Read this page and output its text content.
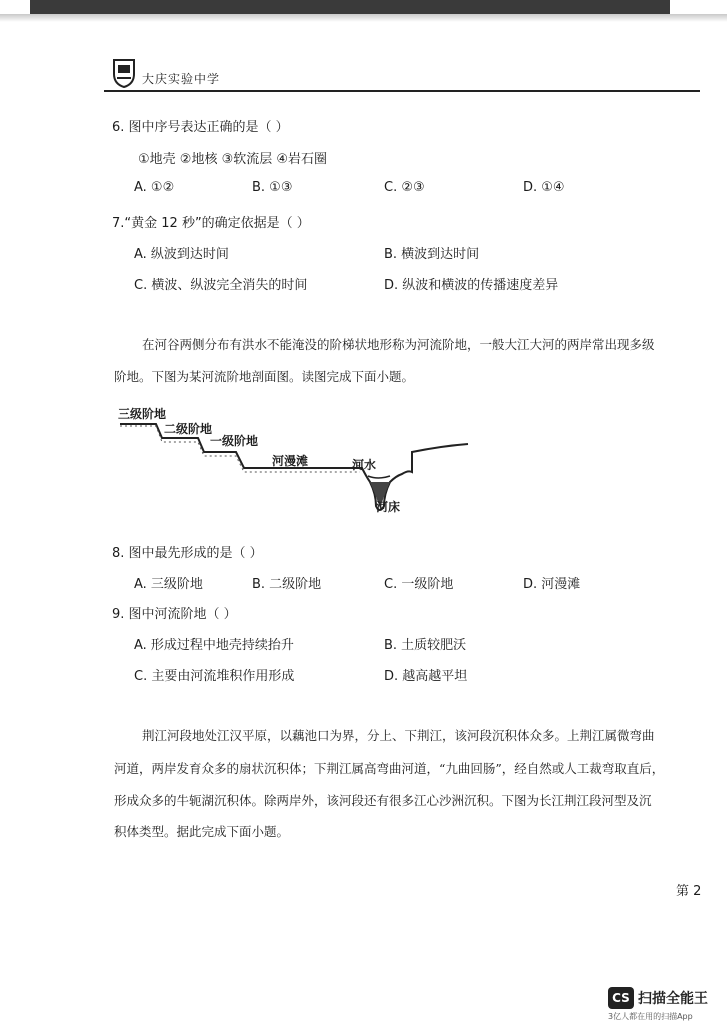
大庆实验中学
6. 图中序号表达正确的是（ ）
①地壳 ②地核 ③软流层 ④岩石圈
A. ①②	B. ①③	C. ②③	D. ①④
7.“黄金 12 秒”的确定依据是（ ）
A. 纵波到达时间	B. 横波到达时间
C. 横波、纵波完全消失的时间	D. 纵波和横波的传播速度差异
在河谷两侧分布有洪水不能淹没的阶梯状地形称为河流阶地，一般大江大河的两岸常出现多级
阶地。下图为某河流阶地剖面图。读图完成下面小题。
三级阶地
二级阶地
一级阶地
河漫滩	河水
河床
8. 图中最先形成的是（ ）
A. 三级阶地	B. 二级阶地	C. 一级阶地	D. 河漫滩
9. 图中河流阶地（ ）
A. 形成过程中地壳持续抬升	B. 土质较肥沃
C. 主要由河流堆积作用形成	D. 越高越平坦
荆江河段地处江汉平原，以藕池口为界，分上、下荆江，该河段沉积体众多。上荆江属微弯曲
河道，两岸发育众多的扇状沉积体；下荆江属高弯曲河道，“九曲回肠”，经自然或人工裁弯取直后，
形成众多的牛轭湖沉积体。除两岸外，该河段还有很多江心沙洲沉积。下图为长江荆江段河型及沉
积体类型。据此完成下面小题。
第 2
CS 扫描全能王
3亿人都在用的扫描App
